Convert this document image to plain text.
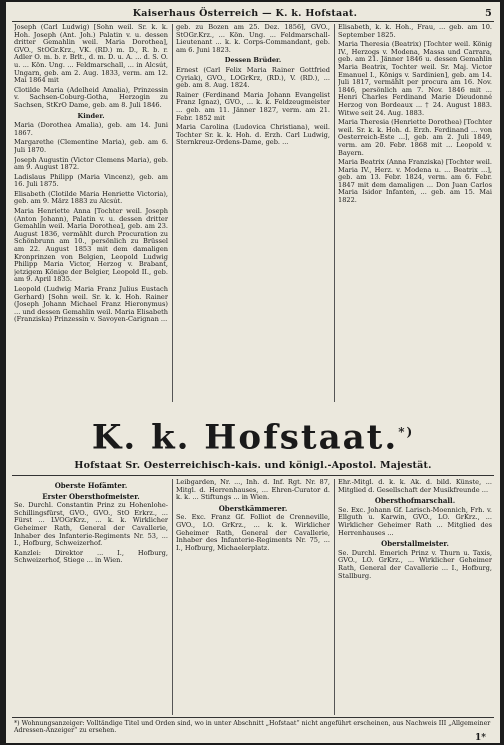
Kaiserhaus Österreich — K. k. Hofstaat.	5

Joseph (Carl Ludwig) [Sohn weil. Sr. k. k. Hoh. Joseph (Ant. Joh.) Palatin v. u. dessen dritter Gemahlin weil. Maria Dorothea], GVO., StOGr.Krz., VK. (RD.) m. D., R. b. r. Adler O. m. b. r. Brlt., d. m. D. u. A. ... d. S. O. u. ... Kön. Ung. ... Feldmarschall, ... in Alcsút, Ungarn, geb. am 2. Aug. 1833, verm. am 12. Mai 1864 mit

Clotilde Maria (Adelheid Amalia), Prinzessin v. Sachsen-Coburg-Gotha, Herzogin zu Sachsen, StKrO Dame, geb. am 8. Juli 1846.

Kinder.

Maria (Dorothea Amalia), geb. am 14. Juni 1867.

Margarethe (Clementine Maria), geb. am 6. Juli 1870.

Joseph Augustin (Victor Clemens Maria), geb. am 9. August 1872.

Ladislaus Philipp (Maria Vincenz), geb. am 16. Juli 1875.

Elisabeth (Clotilde Maria Henriette Victoria), geb. am 9. März 1883 zu Alcsút.

Maria Henriette Anna [Tochter weil. Joseph (Anton Johann), Palatin v. u. dessen dritter Gemahlin weil. Maria Dorothea], geb. am 23. August 1836, vermählt durch Procuration zu Schönbrunn am 10., persönlich zu Brüssel am 22. August 1853 mit dem damaligen Kronprinzen von Belgien, Leopold Ludwig Philipp Maria Victor, Herzog v. Brabant, jetzigem Könige der Belgier, Leopold II., geb. am 9. April 1835.

Leopold (Ludwig Maria Franz Julius Eustach Gerhard) [Sohn weil. Sr. k. k. Hoh. Rainer (Joseph Johann Michael Franz Hieronymus) ... und dessen Gemahlin weil. Maria Elisabeth (Franziska) Prinzessin v. Savoyen-Carignan ...

geb. zu Bozen am 25. Dez. 1856], GVO., StOGr.Krz., ... Kön. Ung. ... Feldmarschall-Lieutenant ... k. k. Corps-Commandant, geb. am 6. Juni 1823.

Dessen Brüder.

Ernest (Carl Felix Maria Rainer Gottfried Cyriak), GVO., LOGrKrz, (RD.), V. (RD.), ... geb. am 8. Aug. 1824.

Rainer (Ferdinand Maria Johann Evangelist Franz Ignaz), GVO., ... k. k. Feldzeugmeister ... geb. am 11. Jänner 1827, verm. am 21. Febr. 1852 mit

Maria Carolina (Ludovica Christiana), weil. Tochter Sr. k. k. Hoh. d. Erzh. Carl Ludwig, Sternkreuz-Ordens-Dame, geb. ...

Elisabeth, k. k. Hoh., Frau, ... geb. am 10. September 1825.

Maria Theresia (Beatrix) [Tochter weil. König IV., Herzogs v. Modena, Massa und Carrara, geb. am 21. Jänner 1846 u. dessen Gemahlin Maria Beatrix, Tochter weil. Sr. Maj. Victor Emanuel I., Königs v. Sardinien], geb. am 14. Juli 1817, vermählt per procura am 16. Nov. 1846, persönlich am 7. Nov. 1846 mit ... Henri Charles Ferdinand Marie Dieudonné Herzog von Bordeaux ... † 24. August 1883. Witwe seit 24. Aug. 1883.

Maria Theresia (Henriette Dorothea) [Tochter weil. Sr. k. k. Hoh. d. Erzh. Ferdinand ... von Oesterreich-Este ...], geb. am 2. Juli 1849, verm. am 20. Febr. 1868 mit ... Leopold v. Bayern.

Maria Beatrix (Anna Franziska) [Tochter weil. Maria IV., Herz. v. Modena u. ... Beatrix ...], geb. am 13. Febr. 1824, verm. am 6. Febr. 1847 mit dem damaligen ... Don Juan Carlos Maria Isidor Infanten, ... geb. am 15. Mai 1822.

K. k. Hofstaat.*)
Hofstaat Sr. Oesterreichisch-kais. und königl.-Apostol. Majestät.

Oberste Hofämter.

Erster Obersthofmeister.

Se. Durchl. Constantin Prinz zu Hohenlohe-Schillingsfürst, GVO., GVO., StO Erkrz., ... Fürst ... LVOGrKrz., ... k. k. Wirklicher Geheimer Rath, General der Cavallerie, Inhaber des Infanterie-Regiments Nr. 53, ... I., Hofburg, Schweizerhof.

Kanzlei: Direktor ... I., Hofburg, Schweizerhof, Stiege ... in Wien.

Leibgarden, Nr. ..., Inh. d. Inf. Rgt. Nr. 87, Mitgl. d. Herrenhauses, ... Ehren-Curator d. k. k. ... Stiftungs ... in Wien.

Oberstkämmerer.

Se. Exc. Franz Gf. Folliot de Crenneville, GVO., LO. GrKrz., ... k. k. Wirklicher Geheimer Rath, General der Cavallerie, Inhaber des Infanterie-Regiments Nr. 75, ... I., Hofburg, Michaelerplatz.

Ehr.-Mitgl. d. k. k. Ak. d. bild. Künste, ... Mitglied d. Gesellschaft der Musikfreunde ...

Obersthofmarschall.

Se. Exc. Johann Gf. Larisch-Moennich, Frh. v. Ellguth u. Karwin, GVO., LO. GrKrz., ... Wirklicher Geheimer Rath ... Mitglied des Herrenhauses ...

Oberstallmeister.

Se. Durchl. Emerich Prinz v. Thurn u. Taxis, GVO., LO. GrKrz., ... Wirklicher Geheimer Rath, General der Cavallerie ... I., Hofburg, Stallburg.

*) Wohnungsanzeiger: Volltändige Titel und Orden sind, wo in unter Abschnitt „Hofstaat“ nicht angeführt erscheinen, aus Nachweis III „Allgemeiner Adressen-Anzeiger“ zu ersehen.
1*
